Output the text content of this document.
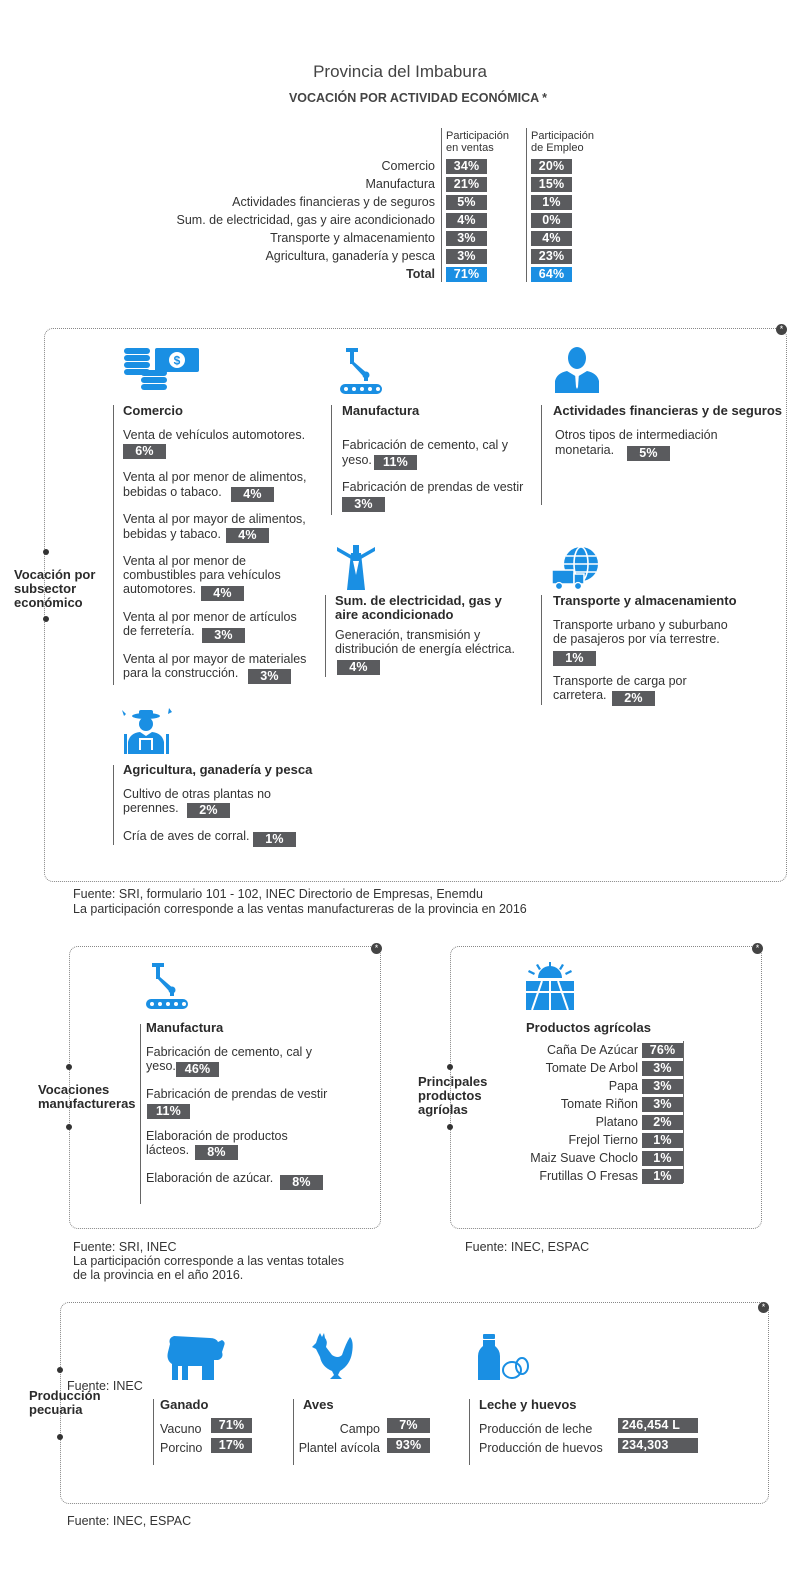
Provincia del Imbabura
VOCACIÓN POR ACTIVIDAD ECONÓMICA *
Participación
en ventas
Participación
de Empleo
Comercio	34%	20%
Manufactura	21%	15%
Actividades financieras y de seguros	5%	1%
Sum. de electricidad, gas y aire acondicionado	4%	0%
Transporte y almacenamiento	3%	4%
Agricultura, ganadería y pesca	3%	23%
Total	71%	64%
*
Vocación por
subsector
económico
$
Comercio
Venta de vehículos automotores.
6%
Venta al por menor de alimentos,
bebidas o tabaco.	4%
Venta al por mayor de alimentos,
bebidas y tabaco.	4%
Venta al por menor de
combustibles para vehículos
automotores.	4%
Venta al por menor de artículos
de ferretería.	3%
Venta al por mayor de materiales
para la construcción.	3%
Manufactura
Fabricación de cemento, cal y
yeso. 11%
Fabricación de prendas de vestir
3%
Actividades financieras y de seguros
Otros tipos de intermediación
monetaria.	5%
Sum. de electricidad, gas y
aire acondicionado
Generación, transmisión y
distribución de energía eléctrica.
4%
Transporte y almacenamiento
Transporte urbano y suburbano
de pasajeros por vía terrestre.
1%
Transporte de carga por
carretera.	2%
Agricultura, ganadería y pesca
Cultivo de otras plantas no
perennes.	2%
Cría de aves de corral.	1%
Fuente: SRI, formulario 101 - 102, INEC Directorio de Empresas, Enemdu
La participación corresponde a las ventas manufactureras de la provincia en 2016
*
Vocaciones
manufactureras
Manufactura
Fabricación de cemento, cal y
yeso. 46%
Fabricación de prendas de vestir
11%
Elaboración de productos
lácteos.	8%
Elaboración de azúcar.	8%
Fuente: SRI, INEC
La participación corresponde a las ventas totales
de la provincia en el año 2016.
*
Principales
productos
agríolas
Productos agrícolas
Caña De Azúcar 76%
Tomate De Arbol	3%
Papa	3%
Tomate Riñon	3%
Platano	2%
Frejol Tierno	1%
Maiz Suave Choclo	1%
Frutillas O Fresas	1%
Fuente: INEC, ESPAC
*
Fuente: INEC
Producción
pecuaria	Ganado
Vacuno	71%
Porcino	17%
Aves
Campo	7%
Plantel avícola	93%
Leche y huevos
Producción de leche	246,454 L
Producción de huevos	234,303
Fuente: INEC, ESPAC
